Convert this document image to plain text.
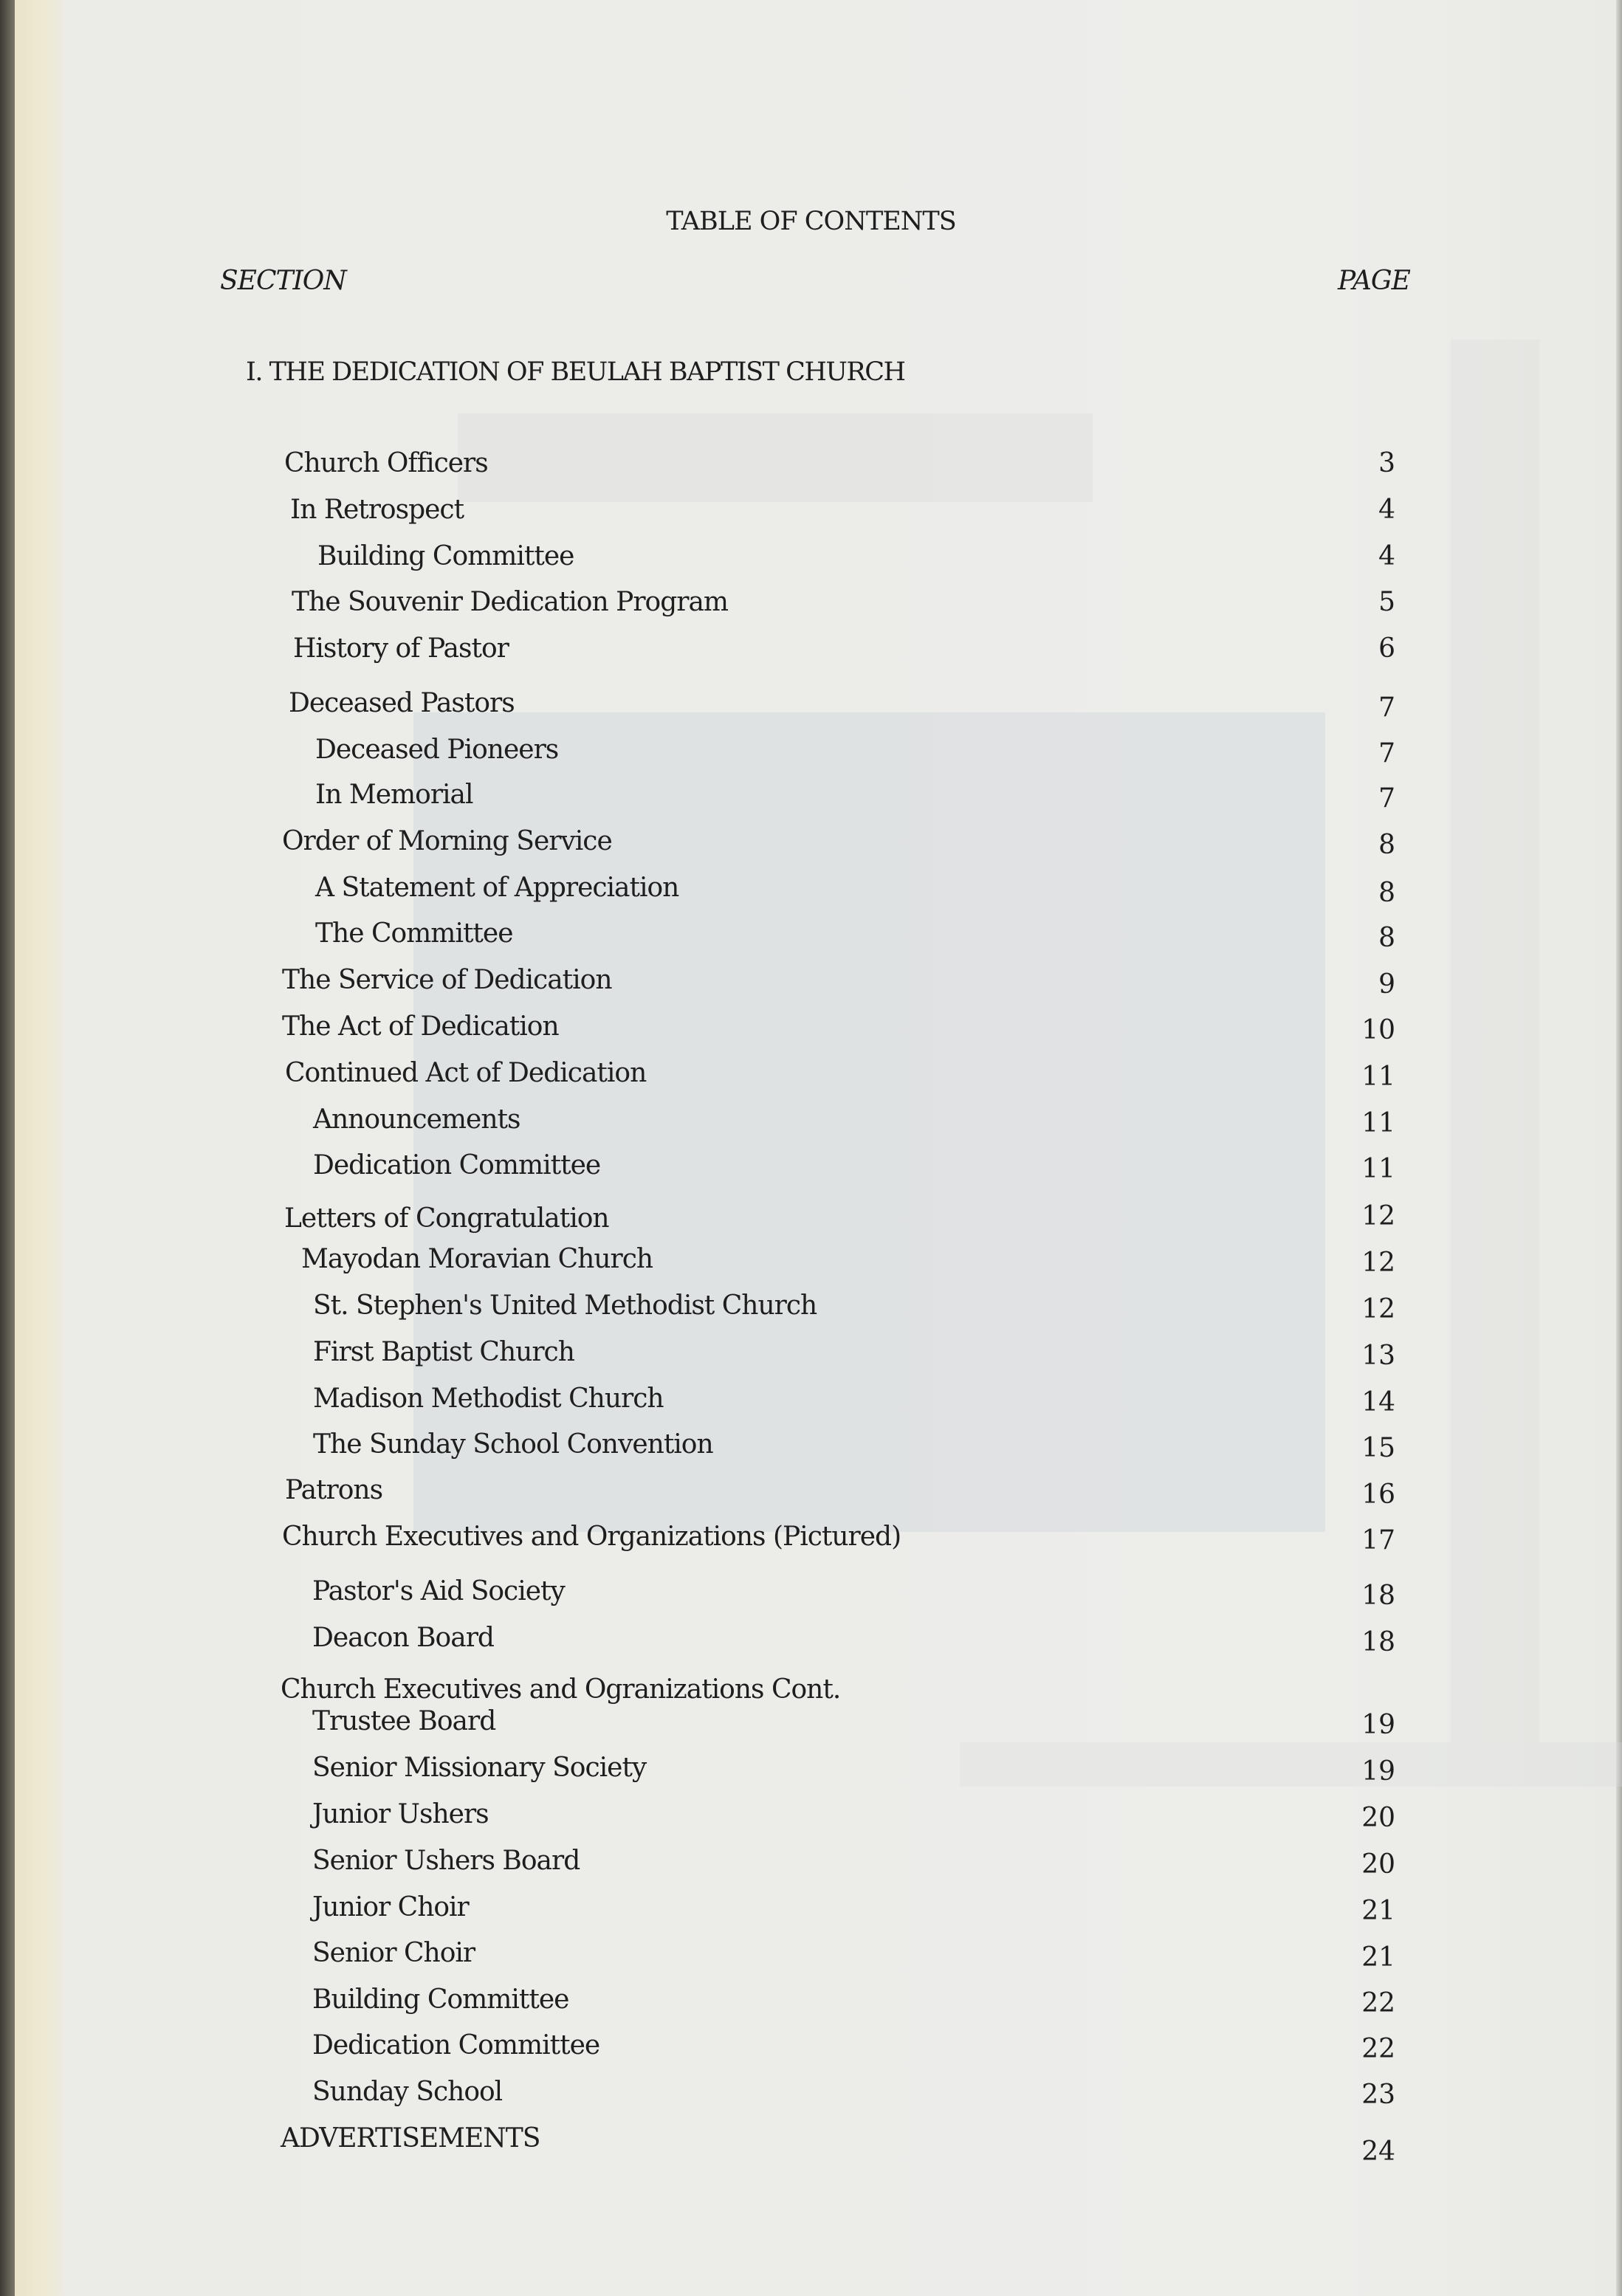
TABLE OF CONTENTS
SECTION	PAGE
I. THE DEDICATION OF BEULAH BAPTIST CHURCH
Church Officers	3
In Retrospect	4
Building Committee	4
The Souvenir Dedication Program	5
History of Pastor	6
Deceased Pastors	7
Deceased Pioneers	7
In Memorial	7
Order of Morning Service	8
A Statement of Appreciation	8
The Committee	8
The Service of Dedication	9
The Act of Dedication	10
Continued Act of Dedication	11
Announcements	11
Dedication Committee	11
Letters of Congratulation	12
Mayodan Moravian Church	12
St. Stephen's United Methodist Church	12
First Baptist Church	13
Madison Methodist Church	14
The Sunday School Convention	15
Patrons	16
Church Executives and Organizations (Pictured)	17
Pastor's Aid Society	18
Deacon Board	18
Church Executives and Ogranizations Cont.
Trustee Board	19
Senior Missionary Society	19
Junior Ushers	20
Senior Ushers Board	20
Junior Choir	21
Senior Choir	21
Building Committee	22
Dedication Committee	22
Sunday School	23
ADVERTISEMENTS	24
